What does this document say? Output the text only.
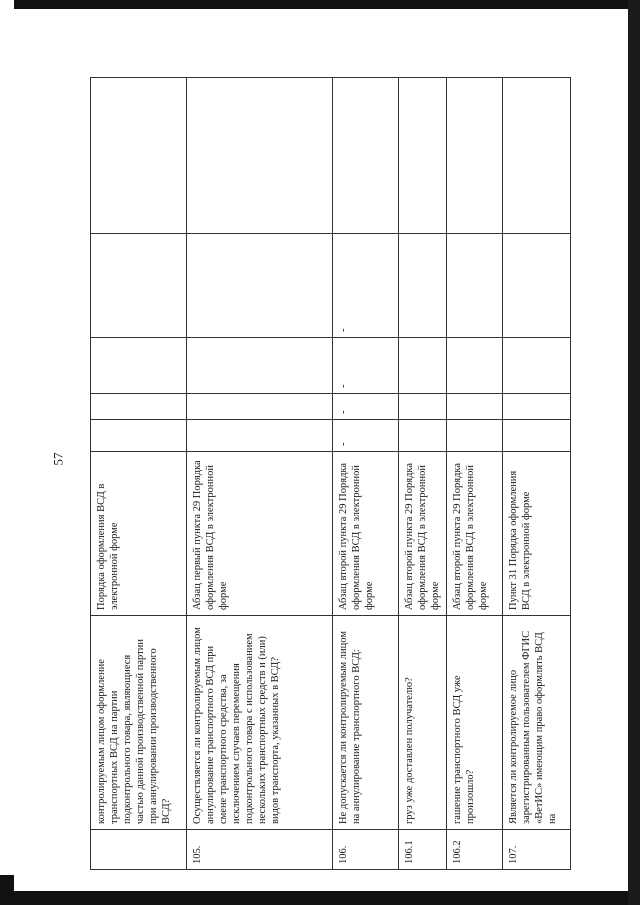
57
	контролируемым лицом оформление транспортных ВСД на партии подконтрольного товара, являющиеся частью данной производственной партии при аннулировании производственного ВСД?	Порядка оформления ВСД в электронной форме					
105.	Осуществляется ли контролируемым лицом аннулирование транспортного ВСД при смене транспортного средства, за исключением случаев перемещения подконтрольного товара с использованием нескольких транспортных средств и (или) видов транспорта, указанных в ВСД?	Абзац первый пункта 29 Порядка оформления ВСД в электронной форме					
106.	Не допускается ли контролируемым лицом на аннулирование транспортного ВСД:	Абзац второй пункта 29 Порядка оформления ВСД в электронной форме	-	-	-	-	
106.1	груз уже доставлен получателю?	Абзац второй пункта 29 Порядка оформления ВСД в электронной форме					
106.2	гашение транспортного ВСД уже произошло?	Абзац второй пункта 29 Порядка оформления ВСД в электронной форме					
107.	Является ли контролируемое лицо зарегистрированным пользователем ФГИС «ВетИС» имеющим право оформлять ВСД на	Пункт 31 Порядка оформления ВСД в электронной форме					
